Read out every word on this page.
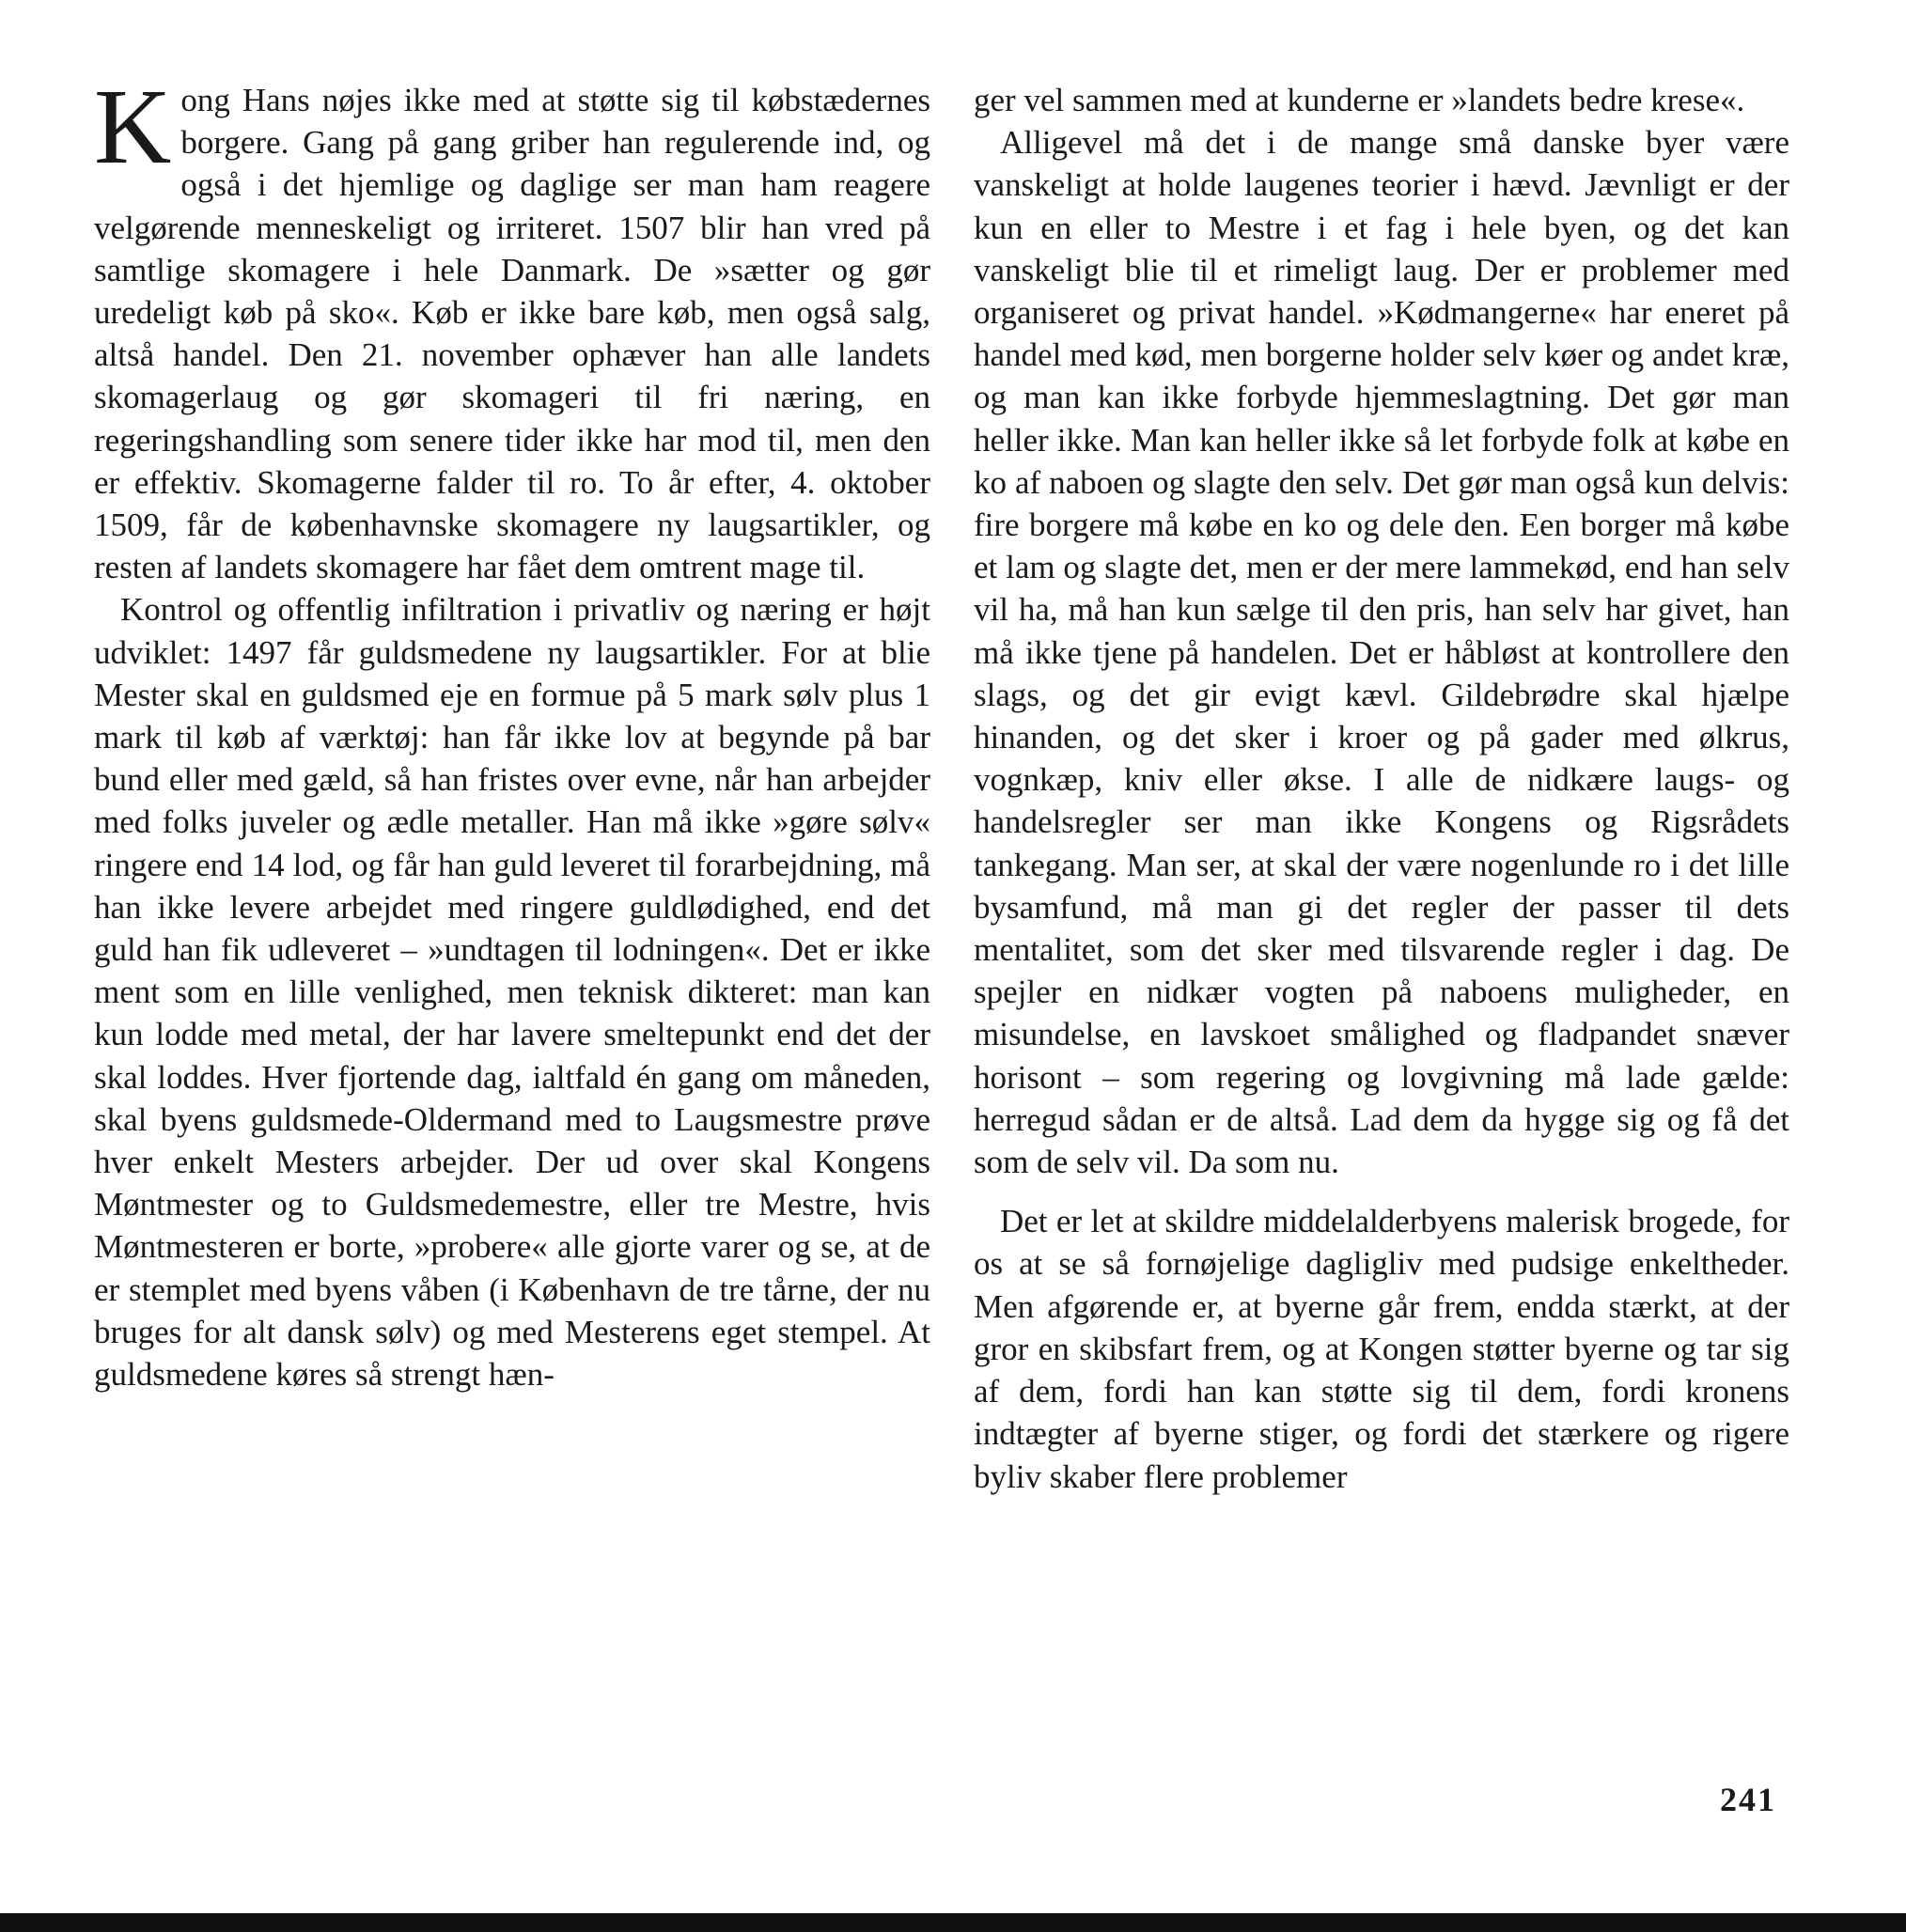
Kong Hans nøjes ikke med at støtte sig til købstædernes borgere. Gang på gang griber han regulerende ind, og også i det hjemlige og daglige ser man ham reagere velgørende menneskeligt og irriteret. 1507 blir han vred på samtlige skomagere i hele Danmark. De »sætter og gør uredeligt køb på sko«. Køb er ikke bare køb, men også salg, altså handel. Den 21. november ophæver han alle landets skomagerlaug og gør skomageri til fri næring, en regeringshandling som senere tider ikke har mod til, men den er effektiv. Skomagerne falder til ro. To år efter, 4. oktober 1509, får de københavnske skomagere ny laugsartikler, og resten af landets skomagere har fået dem omtrent mage til.

Kontrol og offentlig infiltration i privatliv og næring er højt udviklet: 1497 får guldsmedene ny laugsartikler. For at blie Mester skal en guldsmed eje en formue på 5 mark sølv plus 1 mark til køb af værktøj: han får ikke lov at begynde på bar bund eller med gæld, så han fristes over evne, når han arbejder med folks juveler og ædle metaller. Han må ikke »gøre sølv« ringere end 14 lod, og får han guld leveret til forarbejdning, må han ikke levere arbejdet med ringere guldlødighed, end det guld han fik udleveret – »undtagen til lodningen«. Det er ikke ment som en lille venlighed, men teknisk dikteret: man kan kun lodde med metal, der har lavere smeltepunkt end det der skal loddes. Hver fjortende dag, ialtfald én gang om måneden, skal byens guldsmede-Oldermand med to Laugsmestre prøve hver enkelt Mesters arbejder. Der ud over skal Kongens Møntmester og to Guldsmedemestre, eller tre Mestre, hvis Møntmesteren er borte, »probere« alle gjorte varer og se, at de er stemplet med byens våben (i København de tre tårne, der nu bruges for alt dansk sølv) og med Mesterens eget stempel. At guldsmedene køres så strengt hæn-

ger vel sammen med at kunderne er »landets bedre krese«.

Alligevel må det i de mange små danske byer være vanskeligt at holde laugenes teorier i hævd. Jævnligt er der kun en eller to Mestre i et fag i hele byen, og det kan vanskeligt blie til et rimeligt laug. Der er problemer med organiseret og privat handel. »Kødmangerne« har eneret på handel med kød, men borgerne holder selv køer og andet kræ, og man kan ikke forbyde hjemmeslagtning. Det gør man heller ikke. Man kan heller ikke så let forbyde folk at købe en ko af naboen og slagte den selv. Det gør man også kun delvis: fire borgere må købe en ko og dele den. Een borger må købe et lam og slagte det, men er der mere lammekød, end han selv vil ha, må han kun sælge til den pris, han selv har givet, han må ikke tjene på handelen. Det er håbløst at kontrollere den slags, og det gir evigt kævl. Gildebrødre skal hjælpe hinanden, og det sker i kroer og på gader med ølkrus, vognkæp, kniv eller økse. I alle de nidkære laugs- og handelsregler ser man ikke Kongens og Rigsrådets tankegang. Man ser, at skal der være nogenlunde ro i det lille bysamfund, må man gi det regler der passer til dets mentalitet, som det sker med tilsvarende regler i dag. De spejler en nidkær vogten på naboens muligheder, en misundelse, en lavskoet smålighed og fladpandet snæver horisont – som regering og lovgivning må lade gælde: herregud sådan er de altså. Lad dem da hygge sig og få det som de selv vil. Da som nu.

Det er let at skildre middelalderbyens malerisk brogede, for os at se så fornøjelige dagligliv med pudsige enkeltheder. Men afgørende er, at byerne går frem, endda stærkt, at der gror en skibsfart frem, og at Kongen støtter byerne og tar sig af dem, fordi han kan støtte sig til dem, fordi kronens indtægter af byerne stiger, og fordi det stærkere og rigere byliv skaber flere problemer

241
